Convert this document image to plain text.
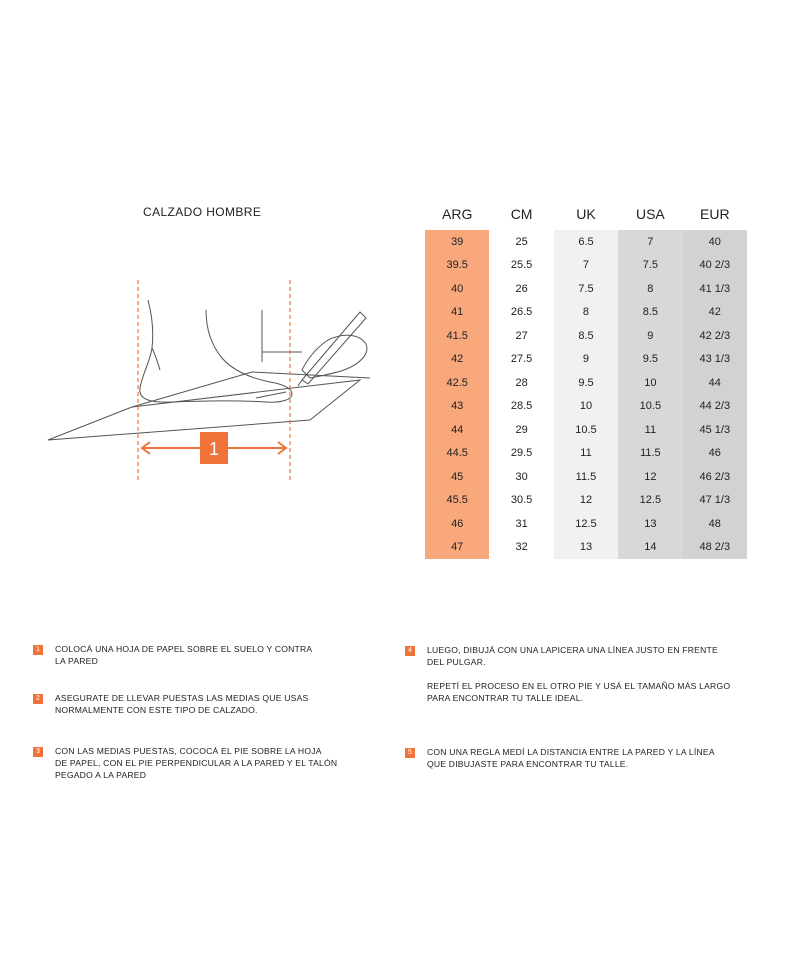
CALZADO HOMBRE
1
ARG	CM	UK	USA	EUR
39	25	6.5	7	40
39.5	25.5	7	7.5	40 2/3
40	26	7.5	8	41 1/3
41	26.5	8	8.5	42
41.5	27	8.5	9	42 2/3
42	27.5	9	9.5	43 1/3
42.5	28	9.5	10	44
43	28.5	10	10.5	44 2/3
44	29	10.5	11	45 1/3
44.5	29.5	11	11.5	46
45	30	11.5	12	46 2/3
45.5	30.5	12	12.5	47 1/3
46	31	12.5	13	48
47	32	13	14	48 2/3
1	COLOCÁ UNA HOJA DE PAPEL SOBRE EL SUELO Y CONTRA
LA PARED
2	ASEGURATE DE LLEVAR PUESTAS LAS MEDIAS QUE USAS
NORMALMENTE CON ESTE TIPO DE CALZADO.
3	CON LAS MEDIAS PUESTAS, COCOCÁ EL PIE SOBRE LA HOJA
DE PAPEL, CON EL PIE PERPENDICULAR A LA PARED Y EL TALÓN
PEGADO A LA PARED
4	LUEGO, DIBUJÁ CON UNA LAPICERA UNA LÍNEA JUSTO EN FRENTE
DEL PULGAR.

REPETÍ EL PROCESO EN EL OTRO PIE Y USÁ EL TAMAÑO MÁS LARGO
PARA ENCONTRAR TU TALLE IDEAL.
5	CON UNA REGLA MEDÍ LA DISTANCIA ENTRE LA PARED Y LA LÍNEA
QUE DIBUJASTE PARA ENCONTRAR TU TALLE.
